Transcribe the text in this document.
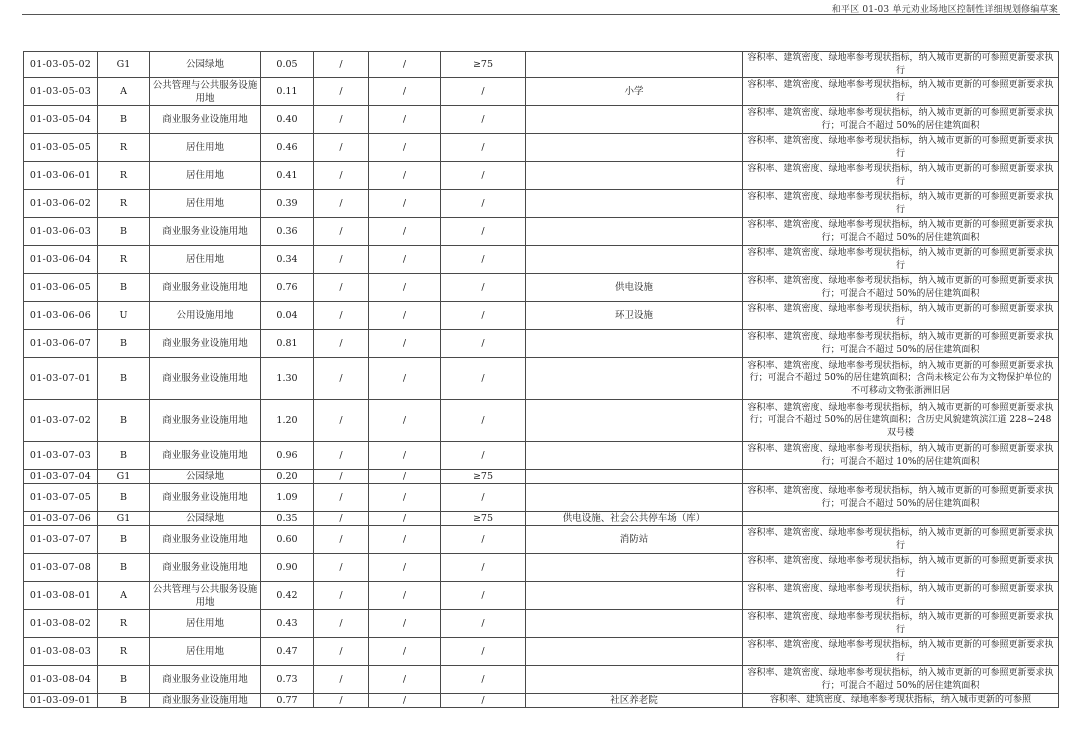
和平区 01-03 单元劝业场地区控制性详细规划修编草案
01-03-05-02	G1	公园绿地	0.05	/	/	≥75		容积率、建筑密度、绿地率参考现状指标，纳入城市更新的可参照更新要求执行
01-03-05-03	A	公共管理与公共服务设施用地	0.11	/	/	/	小学	容积率、建筑密度、绿地率参考现状指标，纳入城市更新的可参照更新要求执行
01-03-05-04	B	商业服务业设施用地	0.40	/	/	/		容积率、建筑密度、绿地率参考现状指标，纳入城市更新的可参照更新要求执行；可混合不超过 50%的居住建筑面积
01-03-05-05	R	居住用地	0.46	/	/	/		容积率、建筑密度、绿地率参考现状指标，纳入城市更新的可参照更新要求执行
01-03-06-01	R	居住用地	0.41	/	/	/		容积率、建筑密度、绿地率参考现状指标，纳入城市更新的可参照更新要求执行
01-03-06-02	R	居住用地	0.39	/	/	/		容积率、建筑密度、绿地率参考现状指标，纳入城市更新的可参照更新要求执行
01-03-06-03	B	商业服务业设施用地	0.36	/	/	/		容积率、建筑密度、绿地率参考现状指标，纳入城市更新的可参照更新要求执行；可混合不超过 50%的居住建筑面积
01-03-06-04	R	居住用地	0.34	/	/	/		容积率、建筑密度、绿地率参考现状指标，纳入城市更新的可参照更新要求执行
01-03-06-05	B	商业服务业设施用地	0.76	/	/	/	供电设施	容积率、建筑密度、绿地率参考现状指标，纳入城市更新的可参照更新要求执行；可混合不超过 50%的居住建筑面积
01-03-06-06	U	公用设施用地	0.04	/	/	/	环卫设施	容积率、建筑密度、绿地率参考现状指标，纳入城市更新的可参照更新要求执行
01-03-06-07	B	商业服务业设施用地	0.81	/	/	/		容积率、建筑密度、绿地率参考现状指标，纳入城市更新的可参照更新要求执行；可混合不超过 50%的居住建筑面积
01-03-07-01	B	商业服务业设施用地	1.30	/	/	/		容积率、建筑密度、绿地率参考现状指标，纳入城市更新的可参照更新要求执行；可混合不超过 50%的居住建筑面积；含尚未核定公布为文物保护单位的不可移动文物张浙洲旧居
01-03-07-02	B	商业服务业设施用地	1.20	/	/	/		容积率、建筑密度、绿地率参考现状指标，纳入城市更新的可参照更新要求执行；可混合不超过 50%的居住建筑面积；含历史风貌建筑滨江道 228~248 双号楼
01-03-07-03	B	商业服务业设施用地	0.96	/	/	/		容积率、建筑密度、绿地率参考现状指标，纳入城市更新的可参照更新要求执行；可混合不超过 10%的居住建筑面积
01-03-07-04	G1	公园绿地	0.20	/	/	≥75		
01-03-07-05	B	商业服务业设施用地	1.09	/	/	/		容积率、建筑密度、绿地率参考现状指标，纳入城市更新的可参照更新要求执行；可混合不超过 50%的居住建筑面积
01-03-07-06	G1	公园绿地	0.35	/	/	≥75	供电设施、社会公共停车场（库）	
01-03-07-07	B	商业服务业设施用地	0.60	/	/	/	消防站	容积率、建筑密度、绿地率参考现状指标，纳入城市更新的可参照更新要求执行
01-03-07-08	B	商业服务业设施用地	0.90	/	/	/		容积率、建筑密度、绿地率参考现状指标，纳入城市更新的可参照更新要求执行
01-03-08-01	A	公共管理与公共服务设施用地	0.42	/	/	/		容积率、建筑密度、绿地率参考现状指标，纳入城市更新的可参照更新要求执行
01-03-08-02	R	居住用地	0.43	/	/	/		容积率、建筑密度、绿地率参考现状指标，纳入城市更新的可参照更新要求执行
01-03-08-03	R	居住用地	0.47	/	/	/		容积率、建筑密度、绿地率参考现状指标，纳入城市更新的可参照更新要求执行
01-03-08-04	B	商业服务业设施用地	0.73	/	/	/		容积率、建筑密度、绿地率参考现状指标，纳入城市更新的可参照更新要求执行；可混合不超过 50%的居住建筑面积
01-03-09-01	B	商业服务业设施用地	0.77	/	/	/	社区养老院	容积率、建筑密度、绿地率参考现状指标，纳入城市更新的可参照
